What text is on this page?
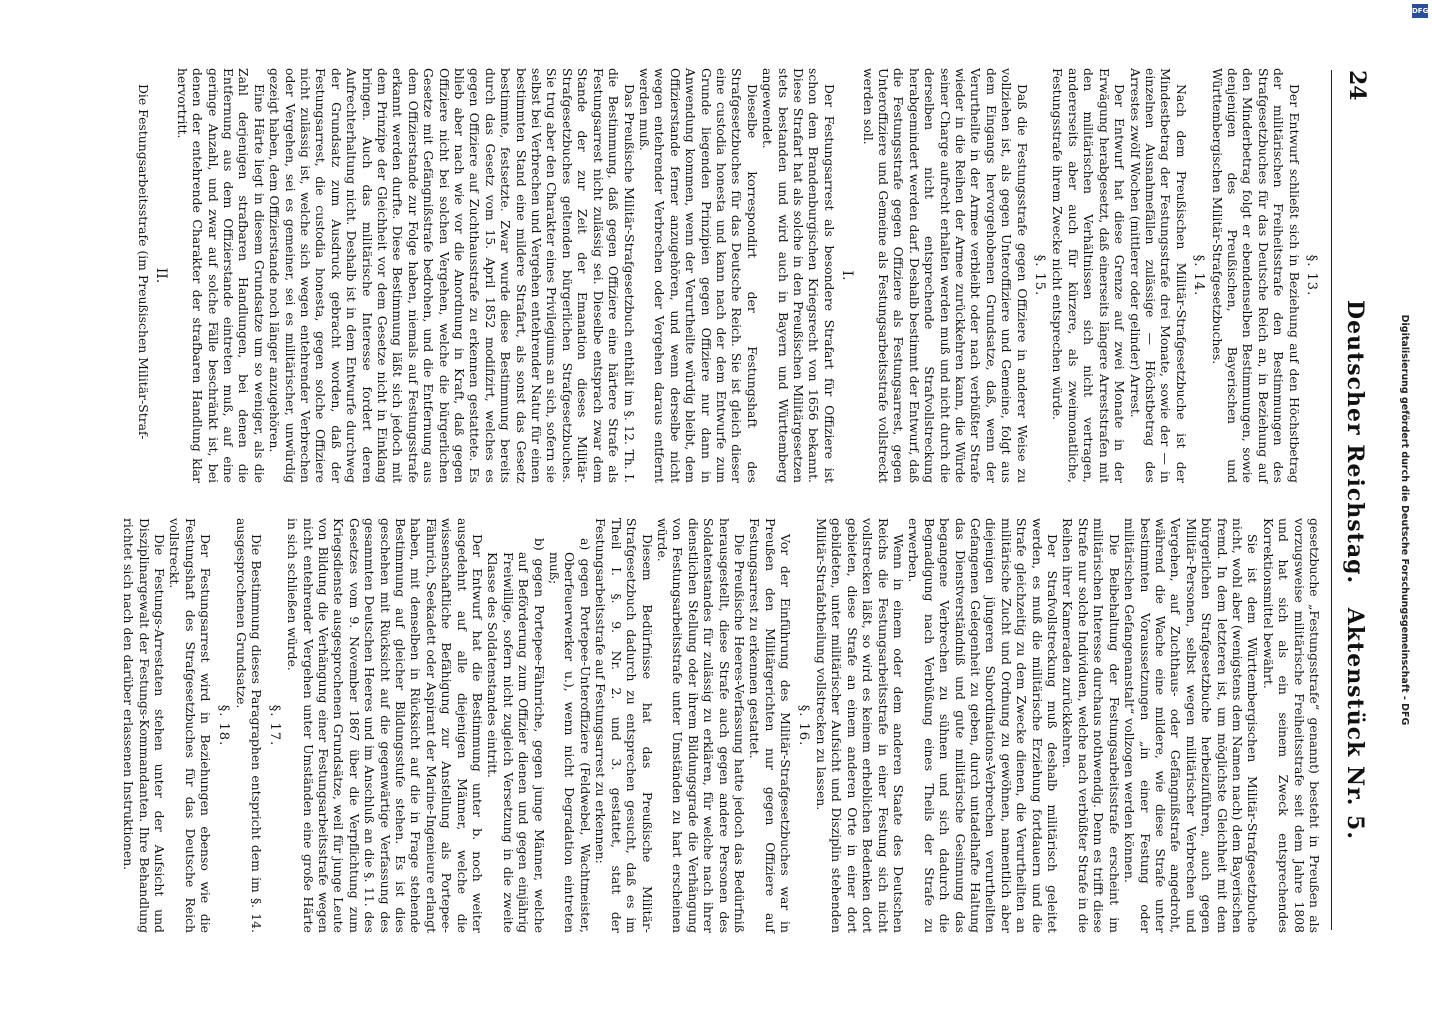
24
Deutscher Reichstag.
Aktenstück Nr. 5.
§. 13.
Der Entwurf schließt sich in Beziehung auf den Höchstbetrag der militärischen Freiheitsstrafe den Bestimmungen des Strafgesetzbuches für das Deutsche Reich an, in Beziehung auf den Minderbetrag folgt er ebendenselben Bestimmungen, sowie denjenigen des Preußischen, Bayerischen und Württembergischen Militär-Strafgesetzbuches.
§. 14.
Nach dem Preußischen Militär-Strafgesetzbuche ist der Mindestbetrag der Festungsstrafe drei Monate, sowie der — in einzelnen Ausnahmefällen zulässige — Höchstbetrag des Arrestes zwölf Wochen (mittlerer oder gelinder) Arrest.
Der Entwurf hat diese Grenze auf zwei Monate in der Erwägung herabgesetzt, daß einerseits längere Arreststrafen mit den militärischen Verhältnissen sich nicht vertragen, andererseits aber auch für kürzere, als zweimonatliche, Festungsstrafe ihrem Zwecke nicht entsprechen würde.
§. 15.
Daß die Festungsstrafe gegen Offiziere in anderer Weise zu vollziehen ist, als gegen Unteroffiziere und Gemeine, folgt aus dem Eingangs hervorgehobenen Grundsatze, daß, wenn der Verurtheilte in der Armee verbleibt oder nach verbüßter Strafe wieder in die Reihen der Armee zurückkehren kann, die Würde seiner Charge aufrecht erhalten werden muß und nicht durch die derselben nicht entsprechende Strafvollstreckung herabgemindert werden darf. Deshalb bestimmt der Entwurf, daß die Festungsstrafe gegen Offiziere als Festungsarrest, gegen Unteroffiziere und Gemeine als Festungsarbeitsstrafe vollstreckt werden soll.
I.
Der Festungsarrest als besondere Strafart für Offiziere ist schon dem Brandenburgischen Kriegsrecht von 1656 bekannt. Diese Strafart hat als solche in den Preußischen Militärgesetzen stets bestanden und wird auch in Bayern und Württemberg angewendet.
Dieselbe korrespondirt der Festungshaft des Strafgesetzbuches für das Deutsche Reich. Sie ist gleich dieser eine custodia honesta und kann nach der dem Entwurfe zum Grunde liegenden Prinzipien gegen Offiziere nur dann in Anwendung kommen, wenn der Verurtheilte würdig bleibt, dem Offizierstande ferner anzugehören, und wenn derselbe nicht wegen entehrender Verbrechen oder Vergehen daraus entfernt werden muß.
Das Preußische Militär-Strafgesetzbuch enthält im §. 12. Th. I. die Bestimmung, daß gegen Offiziere eine härtere Strafe als Festungsarrest nicht zulässig sei. Dieselbe entsprach zwar dem Stande der zur Zeit der Emanation dieses Militär-Strafgesetzbuches geltenden bürgerlichen Strafgesetzbuches. Sie trug aber den Charakter eines Privilegiums an sich, sofern sie selbst bei Verbrechen und Vergehen entehrender Natur für einen bestimmten Stand eine mildere Strafart, als sonst das Gesetz bestimmte, festsetzte. Zwar wurde diese Bestimmung bereits durch das Gesetz vom 15. April 1852 modifizirt, welches es gegen Offiziere auf Zuchthausstrafe zu erkennen gestattete. Es blieb aber nach wie vor die Anordnung in Kraft, daß gegen Offiziere nicht bei solchen Vergehen, welche die bürgerlichen Gesetze mit Gefängnißstrafe bedrohen, und die Entfernung aus dem Offizierstande zur Folge haben, niemals auf Festungsstrafe erkannt werden durfte. Diese Bestimmung läßt sich jedoch mit dem Prinzipe der Gleichheit vor dem Gesetze nicht in Einklang bringen. Auch das militärische Interesse fordert deren Aufrechterhaltung nicht. Deshalb ist in dem Entwurfe durchweg der Grundsatz zum Ausdruck gebracht worden, daß der Festungsarrest, die custodia honesta, gegen solche Offiziere nicht zulässig ist, welche sich wegen entehrender Verbrechen oder Vergehen, sei es gemeiner, sei es militärischer, unwürdig gezeigt haben, dem Offizierstande noch länger anzugehören.
Eine Härte liegt in diesem Grundsatze um so weniger, als die Zahl derjenigen strafbaren Handlungen, bei denen die Entfernung aus dem Offizierstande eintreten muß, auf eine geringe Anzahl, und zwar auf solche Fälle beschränkt ist, bei denen der entehrende Charakter der strafbaren Handlung klar hervortritt.
II.
Die Festungsarbeitsstrafe (im Preußischen Militär-Straf-
gesetzbuche „Festungsstrafe“ genannt) besteht in Preußen als vorzugsweise militärische Freiheitsstrafe seit dem Jahre 1808 und hat sich als ein seinem Zweck entsprechendes Korrektionsmittel bewährt.
Sie ist dem Württembergischen Militär-Strafgesetzbuche nicht, wohl aber (wenigstens dem Namen nach) dem Bayerischen fremd. In dem letzteren ist, um möglichste Gleichheit mit dem bürgerlichen Strafgesetzbuche herbeizuführen, auch gegen Militär-Personen, selbst wegen militärischer Verbrechen und Vergehen, auf Zuchthaus- oder Gefängnißstrafe angedroht, während die Wache eine mildere, wie diese Strafe unter bestimmten Voraussetzungen „in einer Festung oder militärischen Gefangenanstalt“ vollzogen werden können.
Die Beibehaltung der Festungsarbeitsstrafe erscheint im militärischen Interesse durchaus nothwendig. Denn es trifft diese Strafe nur solche Individuen, welche nach verbüßter Strafe in die Reihen ihrer Kameraden zurückkehren.
Der Strafvollstreckung muß deshalb militärisch geleitet werden, es muß die militärische Erziehung fortdauern und die Strafe gleichzeitig zu dem Zwecke dienen, die Verurtheilten an militärische Zucht und Ordnung zu gewöhnen, namentlich aber diejenigen jüngeren Subordinations-Verbrechen verurtheilten Gefangenen Gelegenheit zu geben, durch untadelhafte Haltung das Dienstverständniß und gute militärische Gesinnung das begangene Verbrechen zu sühnen und sich dadurch die Begnadigung nach Verbüßung eines Theils der Strafe zu erwerben.
Wenn in einem oder dem anderen Staate des Deutschen Reichs die Festungsarbeitsstrafe in einer Festung sich nicht vollstrecken läßt, so wird es keinem erheblichen Bedenken dort gebieten, diese Strafe an einem anderen Orte in einer dort gebildeten, unter militärischer Aufsicht und Disziplin stehenden Militär-Strafabtheilung vollstrecken zu lassen.
§. 16.
Vor der Einführung des Militär-Strafgesetzbuches war in Preußen den Militärgerichten nur gegen Offiziere auf Festungsarrest zu erkennen gestattet.
Die Preußische Heeres-Verfassung hatte jedoch das Bedürfniß herausgestellt, diese Strafe auch gegen andere Personen des Soldatenstandes für zulässig zu erklären, für welche nach ihrer dienstlichen Stellung oder ihrem Bildungsgrade die Verhängung von Festungsarbeitsstrafe unter Umständen zu hart erscheinen würde.
Diesem Bedürfnisse hat das Preußische Militär-Strafgesetzbuch dadurch zu entsprechen gesucht, daß es im Theil I. §. 9. Nr. 2. und 3. gestattet, statt der Festungsarbeitsstrafe auf Festungsarrest zu erkennen:
a) gegen Portepee-Unteroffiziere (Feldwebel, Wachtmeister, Oberfeuerwerker u.), wenn nicht Degradation eintreten muß;
b) gegen Portepee-Fähnriche, gegen junge Männer, welche auf Beförderung zum Offizier dienen und gegen einjährig Freiwillige, sofern nicht zugleich Versetzung in die zweite Klasse des Soldatenstandes eintritt.
Der Entwurf hat die Bestimmung unter b. noch weiter ausgedehnt auf alle diejenigen Männer, welche die wissenschaftliche Befähigung zur Anstellung als Portepee-Fähnrich, Seekadett oder Aspirant der Marine-Ingenieure erlangt haben, mit denselben in Rücksicht auf die in Frage stehende Bestimmung auf gleicher Bildungsstufe stehen. Es ist dies geschehen mit Rücksicht auf die gegenwärtige Verfassung des gesammten Deutschen Heeres und im Anschluß an die §. 11. des Gesetzes vom 9. November 1867 über die Verpflichtung zum Kriegsdienste ausgesprochenen Grundsätze, weil für junge Leute von Bildung die Verhängung einer Festungsarbeitsstrafe wegen nicht entehrender Vergehen unter Umständen eine große Härte in sich schließen würde.
§. 17.
Die Bestimmung dieses Paragraphen entspricht dem im §. 14. ausgesprochenen Grundsatze.
§. 18.
Der Festungsarrest wird in Beziehungen ebenso wie die Festungshaft des Strafgesetzbuches für das Deutsche Reich vollstreckt.
Die Festungs-Arrestaten stehen unter der Aufsicht und Disziplinargewalt der Festungs-Kommandanten. Ihre Behandlung richtet sich nach den darüber erlassenen Instruktionen.	Digitalisierung gefördert durch die Deutsche Forschungsgemeinschaft - DFG
DFG
